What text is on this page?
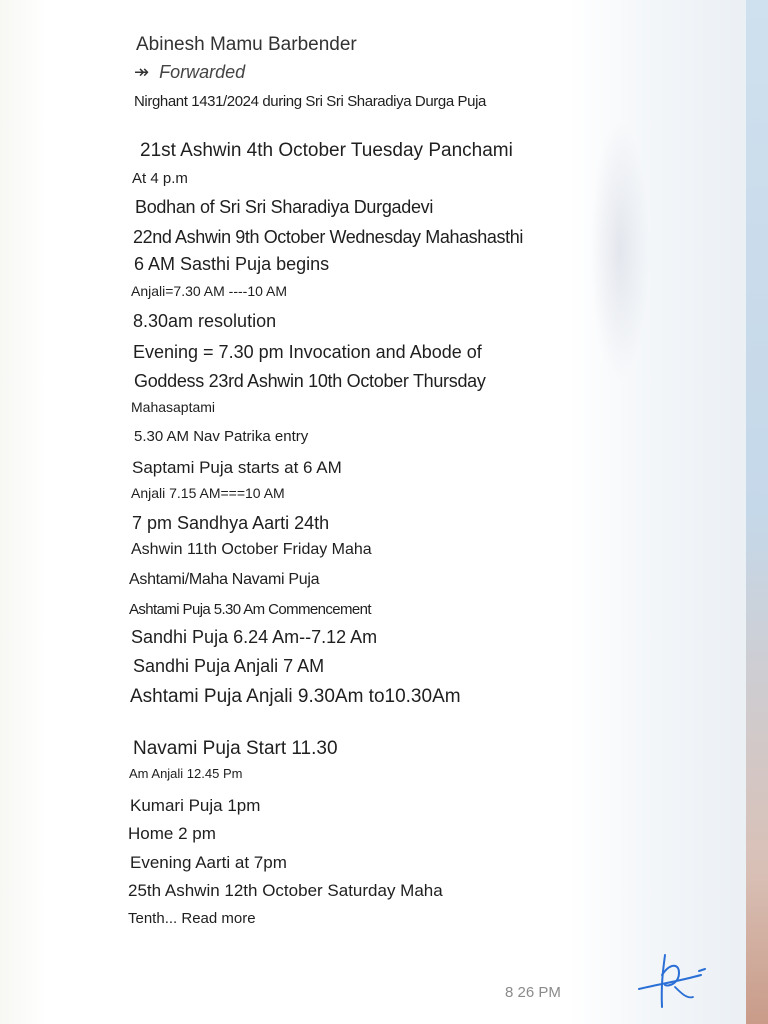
Abinesh Mamu Barbender
↠ Forwarded
Nirghant 1431/2024 during Sri Sri Sharadiya Durga Puja
21st Ashwin 4th October Tuesday Panchami
At 4 p.m
Bodhan of Sri Sri Sharadiya Durgadevi
22nd Ashwin 9th October Wednesday Mahashasthi
6 AM Sasthi Puja begins
Anjali=7.30 AM ----10 AM
8.30am resolution
Evening = 7.30 pm Invocation and Abode of
Goddess 23rd Ashwin 10th October Thursday
Mahasaptami
5.30 AM Nav Patrika entry
Saptami Puja starts at 6 AM
Anjali 7.15 AM===10 AM
7 pm Sandhya Aarti 24th
Ashwin 11th October Friday Maha
Ashtami/Maha Navami Puja
Ashtami Puja 5.30 Am Commencement
Sandhi Puja 6.24 Am--7.12 Am
Sandhi Puja Anjali 7 AM
Ashtami Puja Anjali 9.30Am to10.30Am
Navami Puja Start 11.30
Am Anjali 12.45 Pm
Kumari Puja 1pm
Home 2 pm
Evening Aarti at 7pm
25th Ashwin 12th October Saturday Maha
Tenth... Read more
8 26 PM
